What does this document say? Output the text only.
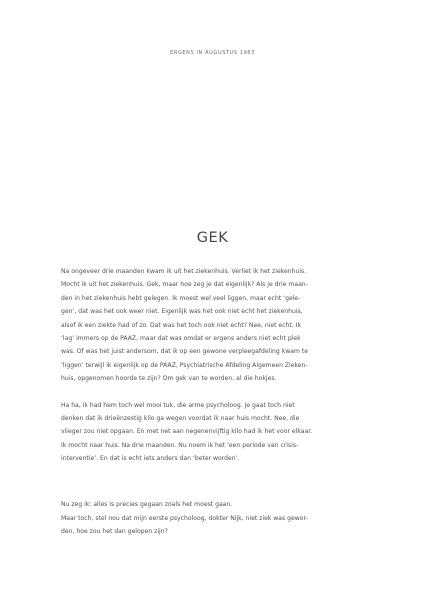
ERGENS IN AUGUSTUS 1983
GEK
Na ongeveer drie maanden kwam ik uit het ziekenhuis. Verliet ik het ziekenhuis.
Mocht ik uit het ziekenhuis. Gek, maar hoe zeg je dat eigenlijk? Als je drie maan-
den in het ziekenhuis hebt gelegen. Ik moest wel veel liggen, maar echt ‘gele-
gen’, dat was het ook weer niet. Eigenlijk was het ook niet echt het ziekenhuis,
alsof ik een ziekte had of zo. Dat was het toch ook niet echt? Nee, niet echt. Ik
‘lag’ immers op de PAAZ, maar dat was omdat er ergens anders niet echt plek
was. Of was het juist andersom, dat ik op een gewone verpleegafdeling kwam te
‘liggen’ terwijl ik eigenlijk op de PAAZ, Psychiatrische Afdeling Algemeen Zieken-
huis, opgenomen hoorde te zijn? Om gek van te worden, al die hokjes.
Ha ha, ik had hem toch wel mooi tuk, die arme psycholoog. Je gaat toch niet
denken dat ik drieënzestig kilo ga wegen voordat ik naar huis mocht. Nee, die
vlieger zou niet opgaan. En met net aan negenenvijftig kilo had ik het voor elkaar.
Ik mocht naar huis. Na drie maanden. Nu noem ik het ‘een periode van crisis-
interventie’. En dat is echt iets anders dan ‘beter worden’.
Nu zeg ik: alles is precies gegaan zoals het moest gaan.
Maar toch, stel nou dat mijn eerste psycholoog, dokter Nijk, niet ziek was gewor-
den, hoe zou het dan gelopen zijn?
